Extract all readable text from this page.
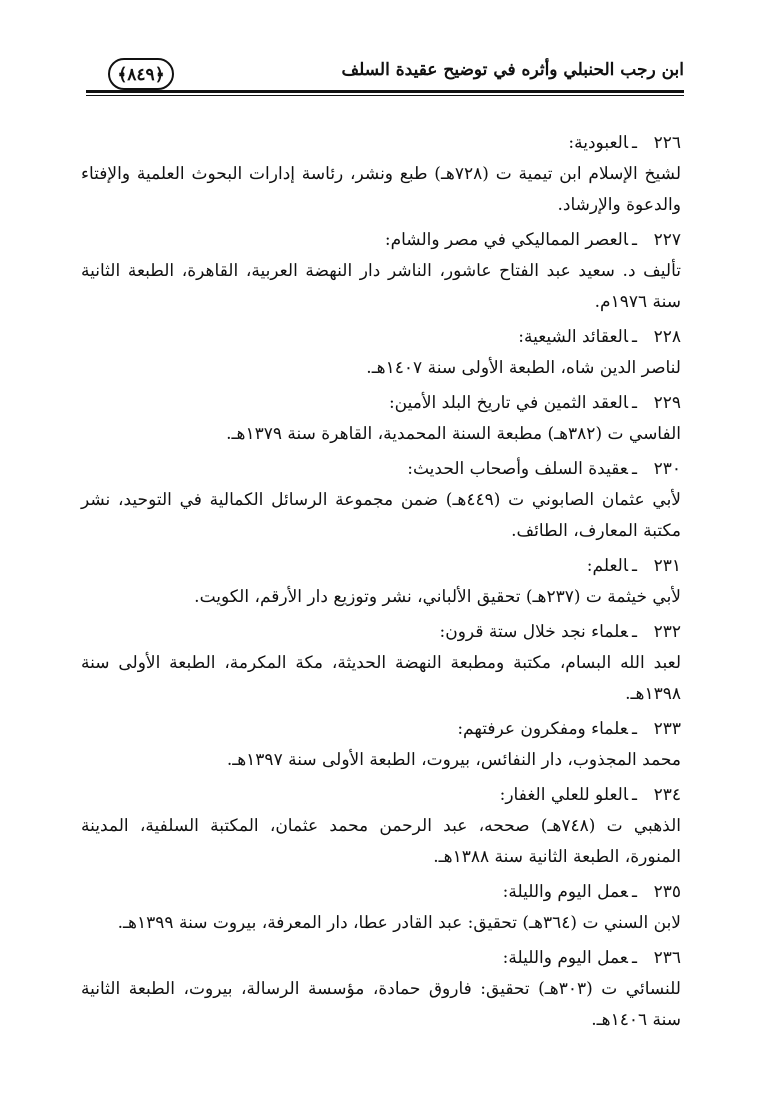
ابن رجب الحنبلي وأثره في توضيح عقيدة السلف
﴿٨٤٩﴾
٢٢٦ـالعبودية:
لشيخ الإسلام ابن تيمية ت (٧٢٨هـ) طبع ونشر، رئاسة إدارات البحوث العلمية والإفتاء والدعوة والإرشاد.
٢٢٧ـالعصر المماليكي في مصر والشام:
تأليف د. سعيد عبد الفتاح عاشور، الناشر دار النهضة العربية، القاهرة، الطبعة الثانية سنة ١٩٧٦م.
٢٢٨ـالعقائد الشيعية:
لناصر الدين شاه، الطبعة الأولى سنة ١٤٠٧هـ.
٢٢٩ـالعقد الثمين في تاريخ البلد الأمين:
الفاسي ت (٣٨٢هـ) مطبعة السنة المحمدية، القاهرة سنة ١٣٧٩هـ.
٢٣٠ـعقيدة السلف وأصحاب الحديث:
لأبي عثمان الصابوني ت (٤٤٩هـ) ضمن مجموعة الرسائل الكمالية في التوحيد، نشر مكتبة المعارف، الطائف.
٢٣١ـالعلم:
لأبي خيثمة ت (٢٣٧هـ) تحقيق الألباني، نشر وتوزيع دار الأرقم، الكويت.
٢٣٢ـعلماء نجد خلال ستة قرون:
لعبد الله البسام، مكتبة ومطبعة النهضة الحديثة، مكة المكرمة، الطبعة الأولى سنة ١٣٩٨هـ.
٢٣٣ـعلماء ومفكرون عرفتهم:
محمد المجذوب، دار النفائس، بيروت، الطبعة الأولى سنة ١٣٩٧هـ.
٢٣٤ـالعلو للعلي الغفار:
الذهبي ت (٧٤٨هـ) صححه، عبد الرحمن محمد عثمان، المكتبة السلفية، المدينة المنورة، الطبعة الثانية سنة ١٣٨٨هـ.
٢٣٥ـعمل اليوم والليلة:
لابن السني ت (٣٦٤هـ) تحقيق: عبد القادر عطا، دار المعرفة، بيروت سنة ١٣٩٩هـ.
٢٣٦ـعمل اليوم والليلة:
للنسائي ت (٣٠٣هـ) تحقيق: فاروق حمادة، مؤسسة الرسالة، بيروت، الطبعة الثانية سنة ١٤٠٦هـ.
